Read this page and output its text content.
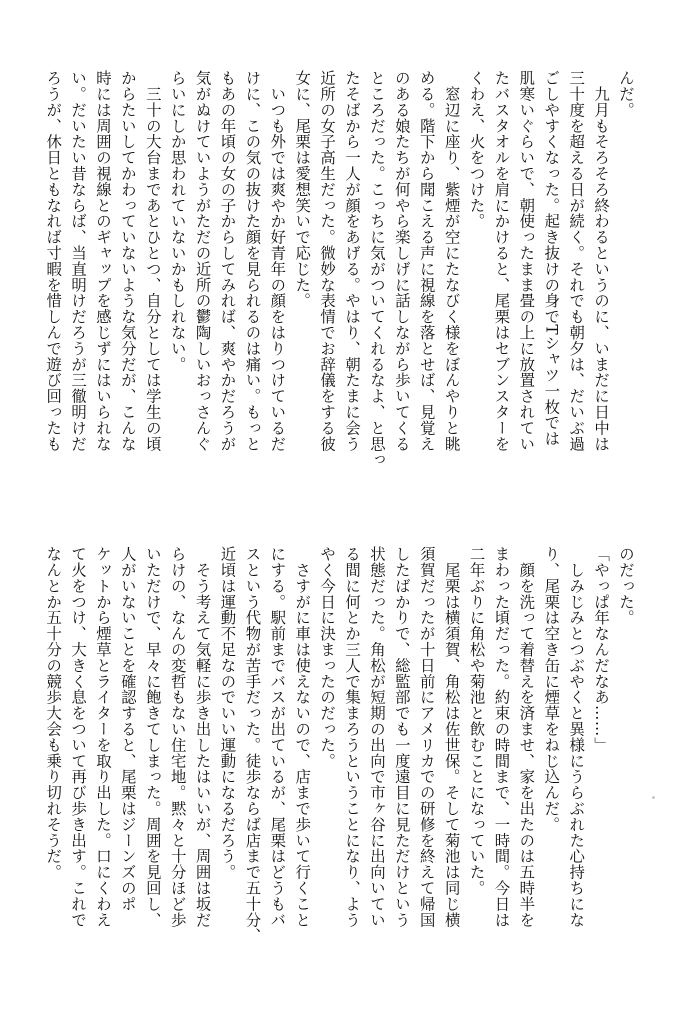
んだ。

　九月もそろそろ終わるというのに、いまだに日中は

三十度を超える日が続く。それでも朝夕は、だいぶ過

ごしやすくなった。起き抜けの身でTシャツ一枚では

肌寒いぐらいで、朝使ったまま畳の上に放置されてい

たバスタオルを肩にかけると、尾栗はセブンスターを

くわえ、火をつけた。

　窓辺に座り、紫煙が空にたなびく様をぼんやりと眺

める。階下から聞こえる声に視線を落とせば、見覚え

のある娘たちが何やら楽しげに話しながら歩いてくる

ところだった。こっちに気がついてくれるなよ、と思っ

たそばから一人が顔をあげる。やはり、朝たまに会う

近所の女子高生だった。微妙な表情でお辞儀をする彼

女に、尾栗は愛想笑いで応じた。

　いつも外では爽やか好青年の顔をはりつけているだ

けに、この気の抜けた顔を見られるのは痛い。もっと

もあの年頃の女の子からしてみれば、爽やかだろうが

気がぬけていようがただの近所の鬱陶しいおっさんぐ

らいにしか思われていないかもしれない。

　三十の大台まであとひとつ、自分としては学生の頃

からたいしてかわっていないような気分だが、こんな

時には周囲の視線とのギャップを感じずにはいられな

い。だいたい昔ならば、当直明けだろうが三徹明けだ

ろうが、休日ともなれば寸暇を惜しんで遊び回ったも

のだった。

「やっぱ年なんだなあ……」

　しみじみとつぶやくと異様にうらぶれた心持ちにな

り、尾栗は空き缶に煙草をねじ込んだ。

　顔を洗って着替えを済ませ、家を出たのは五時半を

まわった頃だった。約束の時間まで、一時間。今日は

二年ぶりに角松や菊池と飲むことになっていた。

　尾栗は横須賀、角松は佐世保。そして菊池は同じ横

須賀だったが十日前にアメリカでの研修を終えて帰国

したばかりで、総監部でも一度遠目に見ただけという

状態だった。角松が短期の出向で市ヶ谷に出向いてい

る間に何とか三人で集まろうということになり、よう

やく今日に決まったのだった。

　さすがに車は使えないので、店まで歩いて行くこと

にする。駅前までバスが出ているが、尾栗はどうもバ

スという代物が苦手だった。徒歩ならば店まで五十分、

近頃は運動不足なのでいい運動になるだろう。

　そう考えて気軽に歩き出したはいいが、周囲は坂だ

らけの、なんの変哲もない住宅地。黙々と十分ほど歩

いただけで、早々に飽きてしまった。周囲を見回し、

人がいないことを確認すると、尾栗はジーンズのポ

ケットから煙草とライターを取り出した。口にくわえ

て火をつけ、大きく息をついて再び歩き出す。これで

なんとか五十分の競歩大会も乗り切れそうだ。
